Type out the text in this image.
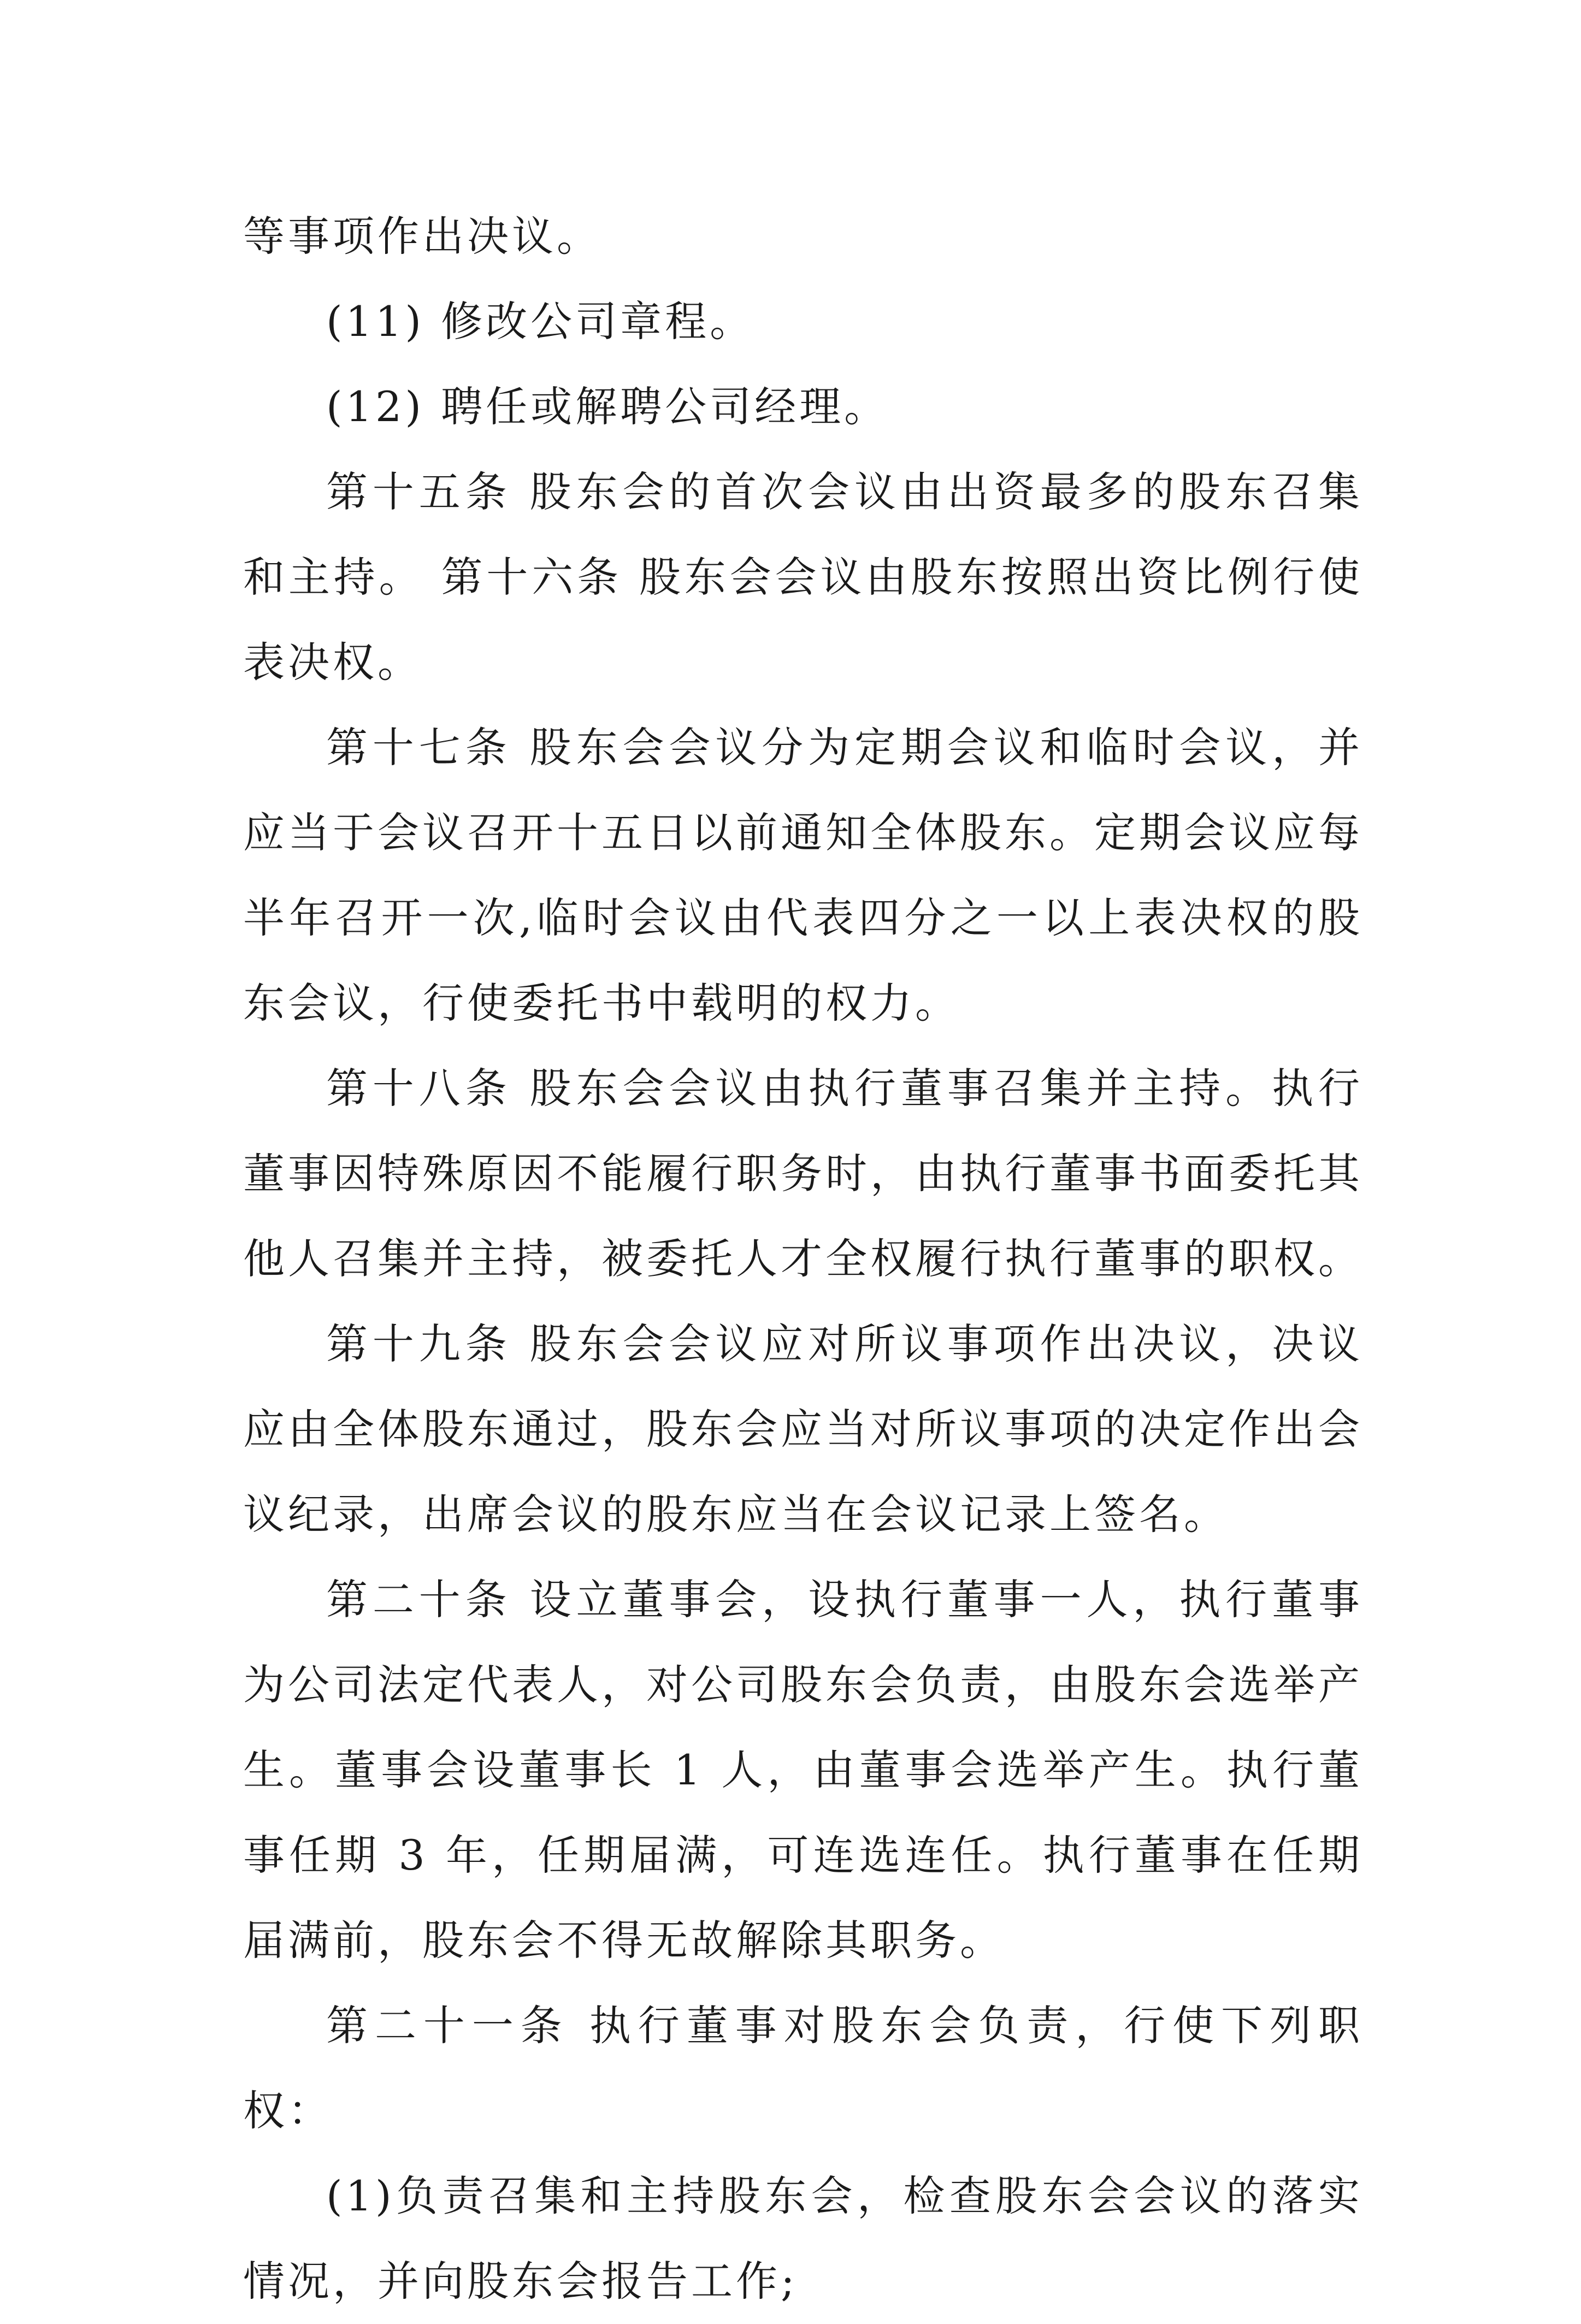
等事项作出决议。

(11) 修改公司章程。

(12) 聘任或解聘公司经理。

第十五条 股东会的首次会议由出资最多的股东召集和主持。 第十六条 股东会会议由股东按照出资比例行使表决权。

第十七条 股东会会议分为定期会议和临时会议，并应当于会议召开十五日以前通知全体股东。定期会议应每半年召开一次,临时会议由代表四分之一以上表决权的股东会议，行使委托书中载明的权力。

第十八条 股东会会议由执行董事召集并主持。执行董事因特殊原因不能履行职务时，由执行董事书面委托其他人召集并主持，被委托人才全权履行执行董事的职权。

第十九条 股东会会议应对所议事项作出决议，决议应由全体股东通过，股东会应当对所议事项的决定作出会议纪录，出席会议的股东应当在会议记录上签名。

第二十条 设立董事会，设执行董事一人，执行董事为公司法定代表人，对公司股东会负责，由股东会选举产生。董事会设董事长 1 人，由董事会选举产生。执行董事任期 3 年，任期届满，可连选连任。执行董事在任期届满前，股东会不得无故解除其职务。

第二十一条 执行董事对股东会负责，行使下列职权：

(1)负责召集和主持股东会，检查股东会会议的落实情况，并向股东会报告工作;
